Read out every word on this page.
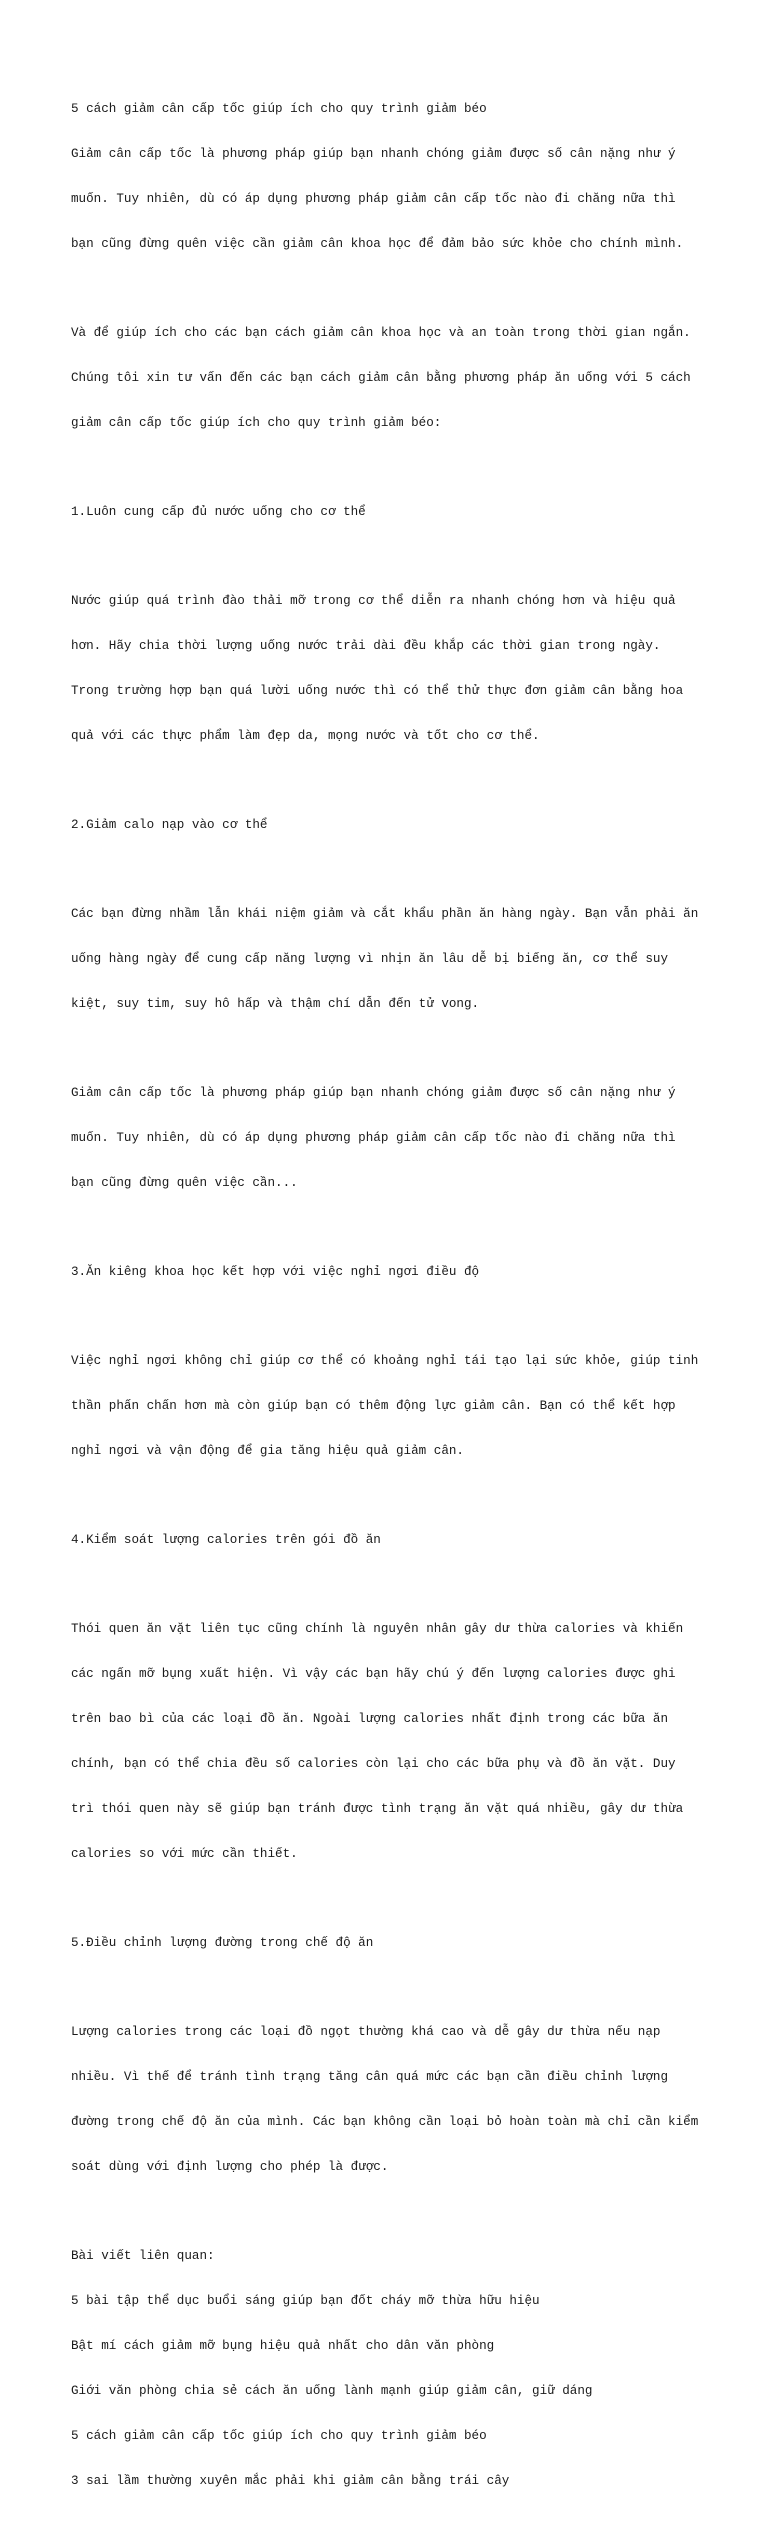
5 cách giảm cân cấp tốc giúp ích cho quy trình giảm béo

Giảm cân cấp tốc là phương pháp giúp bạn nhanh chóng giảm được số cân nặng như ý

muốn. Tuy nhiên, dù có áp dụng phương pháp giảm cân cấp tốc nào đi chăng nữa thì

bạn cũng đừng quên việc cần giảm cân khoa học để đảm bảo sức khỏe cho chính mình.

Và để giúp ích cho các bạn cách giảm cân khoa học và an toàn trong thời gian ngắn.

Chúng tôi xin tư vấn đến các bạn cách giảm cân bằng phương pháp ăn uống với 5 cách

giảm cân cấp tốc giúp ích cho quy trình giảm béo:

1.Luôn cung cấp đủ nước uống cho cơ thể

Nước giúp quá trình đào thải mỡ trong cơ thể diễn ra nhanh chóng hơn và hiệu quả

hơn. Hãy chia thời lượng uống nước trải dài đều khắp các thời gian trong ngày.

Trong trường hợp bạn quá lười uống nước thì có thể thử thực đơn giảm cân bằng hoa

quả với các thực phẩm làm đẹp da, mọng nước và tốt cho cơ thể.

2.Giảm calo nạp vào cơ thể

Các bạn đừng nhầm lẫn khái niệm giảm và cắt khẩu phần ăn hàng ngày. Bạn vẫn phải ăn

uống hàng ngày để cung cấp năng lượng vì nhịn ăn lâu dễ bị biếng ăn, cơ thể suy

kiệt, suy tim, suy hô hấp và thậm chí dẫn đến tử vong.

Giảm cân cấp tốc là phương pháp giúp bạn nhanh chóng giảm được số cân nặng như ý

muốn. Tuy nhiên, dù có áp dụng phương pháp giảm cân cấp tốc nào đi chăng nữa thì

bạn cũng đừng quên việc cần...

3.Ăn kiêng khoa học kết hợp với việc nghỉ ngơi điều độ

Việc nghỉ ngơi không chỉ giúp cơ thể có khoảng nghỉ tái tạo lại sức khỏe, giúp tinh

thần phấn chấn hơn mà còn giúp bạn có thêm động lực giảm cân. Bạn có thể kết hợp

nghỉ ngơi và vận động để gia tăng hiệu quả giảm cân.

4.Kiểm soát lượng calories trên gói đồ ăn

Thói quen ăn vặt liên tục cũng chính là nguyên nhân gây dư thừa calories và khiến

các ngấn mỡ bụng xuất hiện. Vì vậy các bạn hãy chú ý đến lượng calories được ghi

trên bao bì của các loại đồ ăn. Ngoài lượng calories nhất định trong các bữa ăn

chính, bạn có thể chia đều số calories còn lại cho các bữa phụ và đồ ăn vặt. Duy

trì thói quen này sẽ giúp bạn tránh được tình trạng ăn vặt quá nhiều, gây dư thừa

calories so với mức cần thiết.

5.Điều chỉnh lượng đường trong chế độ ăn

Lượng calories trong các loại đồ ngọt thường khá cao và dễ gây dư thừa nếu nạp

nhiều. Vì thế để tránh tình trạng tăng cân quá mức các bạn cần điều chỉnh lượng

đường trong chế độ ăn của mình. Các bạn không cần loại bỏ hoàn toàn mà chỉ cần kiểm

soát dùng với định lượng cho phép là được.

Bài viết liên quan:

5 bài tập thể dục buổi sáng giúp bạn đốt cháy mỡ thừa hữu hiệu

Bật mí cách giảm mỡ bụng hiệu quả nhất cho dân văn phòng

Giới văn phòng chia sẻ cách ăn uống lành mạnh giúp giảm cân, giữ dáng

5 cách giảm cân cấp tốc giúp ích cho quy trình giảm béo

3 sai lầm thường xuyên mắc phải khi giảm cân bằng trái cây
